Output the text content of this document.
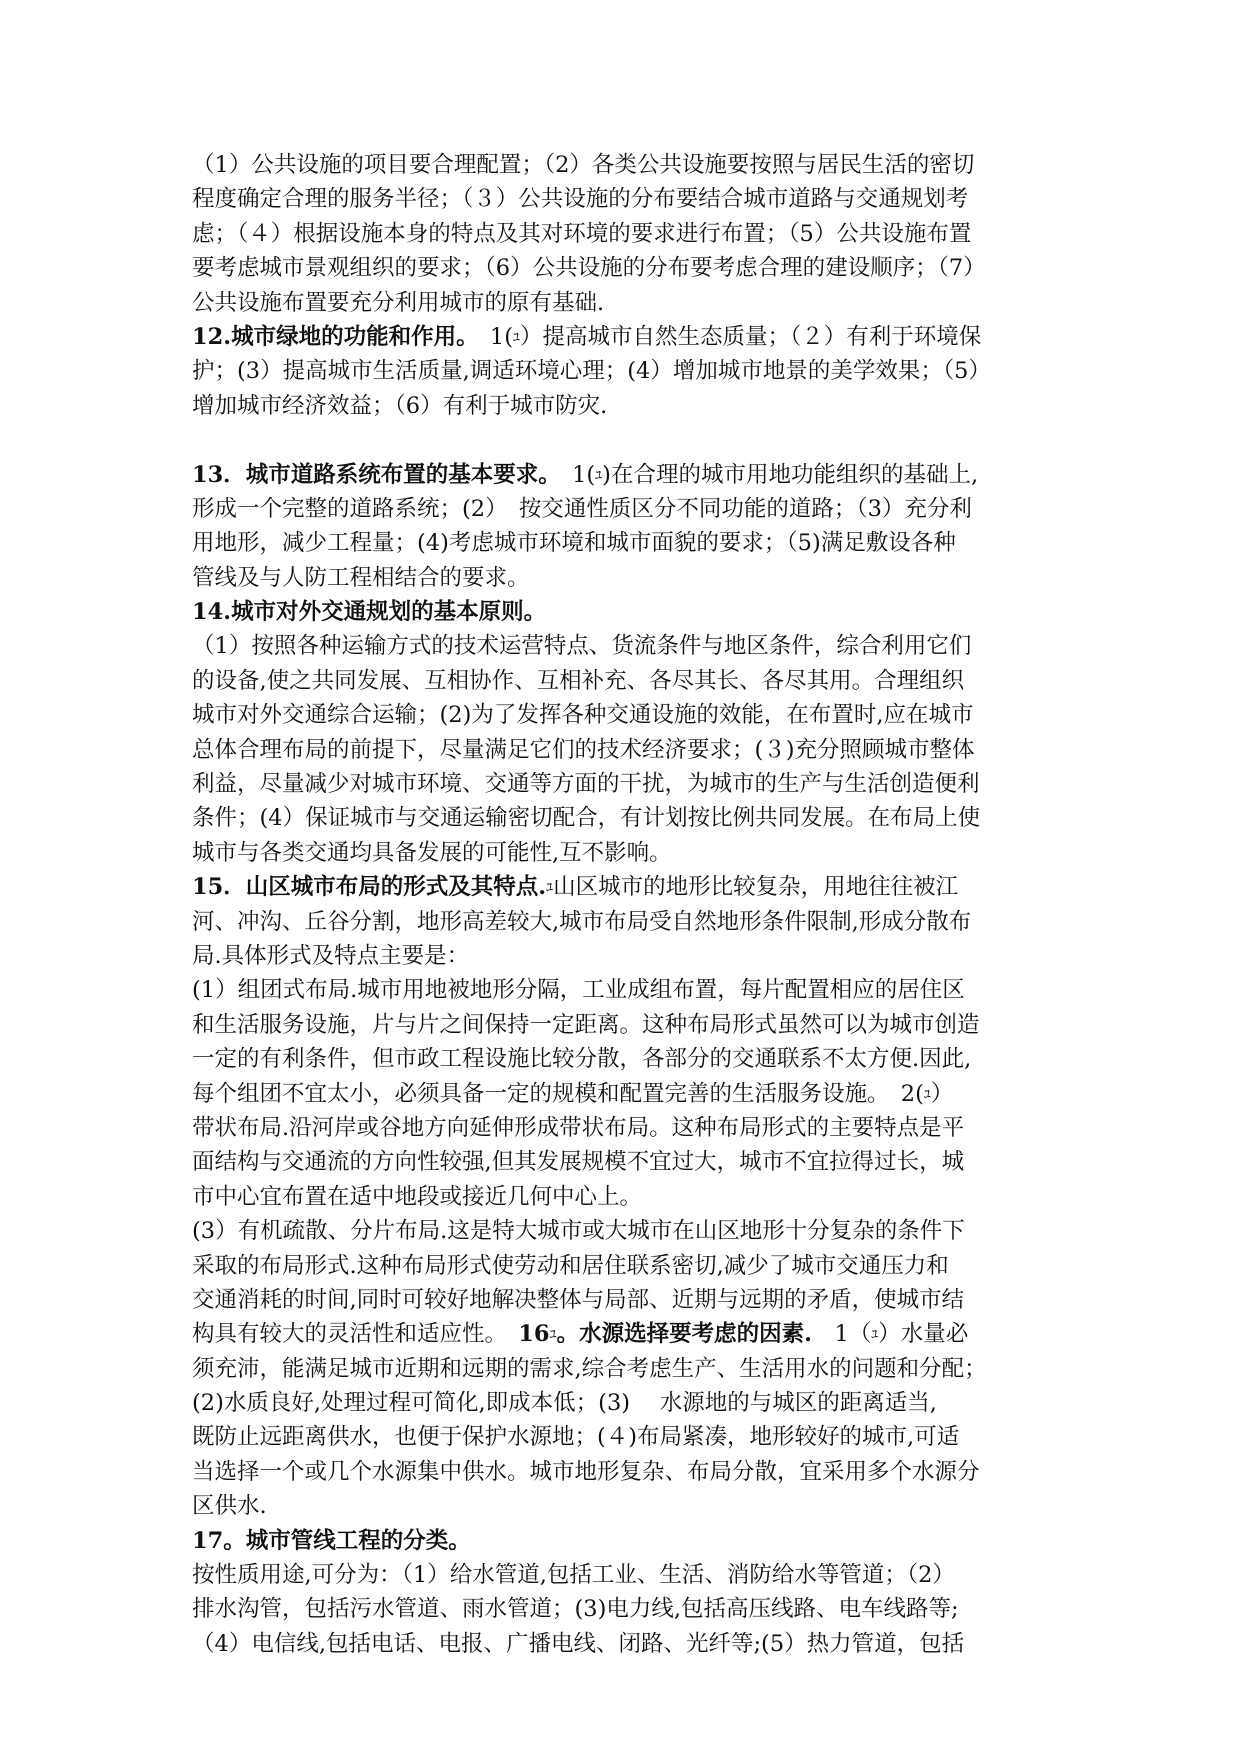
（1）公共设施的项目要合理配置；（2）各类公共设施要按照与居民生活的密切
程度确定合理的服务半径；（３）公共设施的分布要结合城市道路与交通规划考
虑；（４）根据设施本身的特点及其对环境的要求进行布置；（5）公共设施布置
要考虑城市景观组织的要求；（6）公共设施的分布要考虑合理的建设顺序；（7）
公共设施布置要充分利用城市的原有基础.
12.城市绿地的功能和作用。　 1(ﾕ）提高城市自然生态质量；（２）有利于环境保
护；(3）提高城市生活质量,调适环境心理；(4）增加城市地景的美学效果；（5）
增加城市经济效益；（6）有利于城市防灾.
13．城市道路系统布置的基本要求。　 1(ﾕ)在合理的城市用地功能组织的基础上,
形成一个完整的道路系统；(2）　按交通性质区分不同功能的道路；（3）充分利
用地形，减少工程量；(4)考虑城市环境和城市面貌的要求；（5)满足敷设各种
管线及与人防工程相结合的要求。
14.城市对外交通规划的基本原则。
（1）按照各种运输方式的技术运营特点、货流条件与地区条件，综合利用它们
的设备,使之共同发展、互相协作、互相补充、各尽其长、各尽其用。合理组织
城市对外交通综合运输；(2)为了发挥各种交通设施的效能，在布置时,应在城市
总体合理布局的前提下，尽量满足它们的技术经济要求；(３)充分照顾城市整体
利益，尽量减少对城市环境、交通等方面的干扰，为城市的生产与生活创造便利
条件；(4）保证城市与交通运输密切配合，有计划按比例共同发展。在布局上使
城市与各类交通均具备发展的可能性,互不影响。
15．山区城市布局的形式及其特点.ﾕ山区城市的地形比较复杂，用地往往被江
河、冲沟、丘谷分割，地形高差较大,城市布局受自然地形条件限制,形成分散布
局.具体形式及特点主要是：
(1）组团式布局.城市用地被地形分隔，工业成组布置，每片配置相应的居住区
和生活服务设施，片与片之间保持一定距离。这种布局形式虽然可以为城市创造
一定的有利条件，但市政工程设施比较分散，各部分的交通联系不太方便.因此,
每个组团不宜太小，必须具备一定的规模和配置完善的生活服务设施。　2(ﾕ）
带状布局.沿河岸或谷地方向延伸形成带状布局。这种布局形式的主要特点是平
面结构与交通流的方向性较强,但其发展规模不宜过大，城市不宜拉得过长，城
市中心宜布置在适中地段或接近几何中心上。
(3）有机疏散、分片布局.这是特大城市或大城市在山区地形十分复杂的条件下
采取的布局形式.这种布局形式使劳动和居住联系密切,减少了城市交通压力和
交通消耗的时间,同时可较好地解决整体与局部、近期与远期的矛盾，使城市结
构具有较大的灵活性和适应性。　 16ﾕ。水源选择要考虑的因素.　 1（ﾕ）水量必
须充沛，能满足城市近期和远期的需求,综合考虑生产、生活用水的问题和分配；
(2)水质良好,处理过程可简化,即成本低；(3)　 水源地的与城区的距离适当,
既防止远距离供水，也便于保护水源地；(４)布局紧凑，地形较好的城市,可适
当选择一个或几个水源集中供水。城市地形复杂、布局分散，宜采用多个水源分
区供水.
17。城市管线工程的分类。
按性质用途,可分为：（1）给水管道,包括工业、生活、消防给水等管道；（2）
排水沟管，包括污水管道、雨水管道；(3)电力线,包括高压线路、电车线路等;
（4）电信线,包括电话、电报、广播电线、闭路、光纤等;(5）热力管道，包括
